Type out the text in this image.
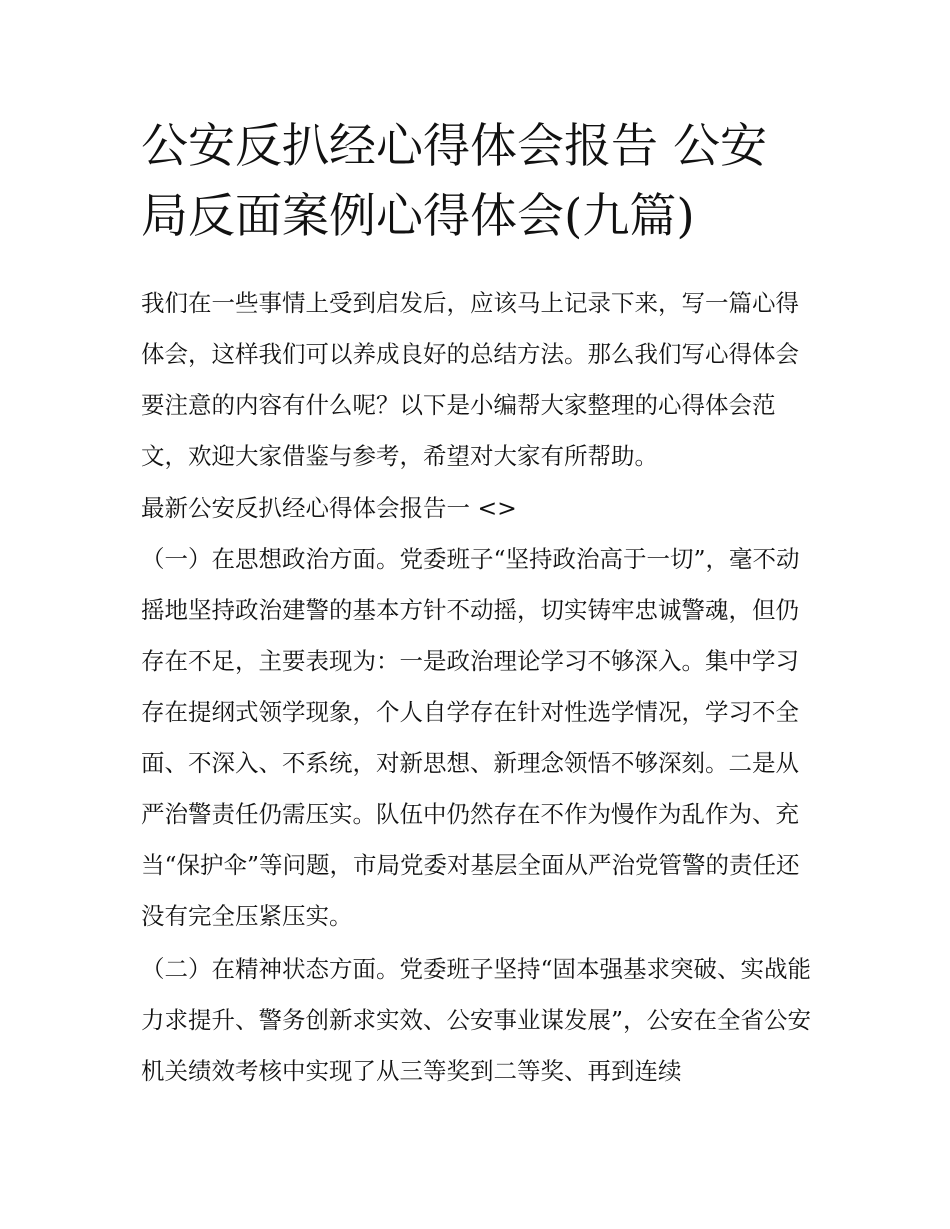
公安反扒经心得体会报告 公安局反面案例心得体会(九篇)

我们在一些事情上受到启发后，应该马上记录下来，写一篇心得体会，这样我们可以养成良好的总结方法。那么我们写心得体会要注意的内容有什么呢？以下是小编帮大家整理的心得体会范文，欢迎大家借鉴与参考，希望对大家有所帮助。

最新公安反扒经心得体会报告一 <>

（一）在思想政治方面。党委班子“坚持政治高于一切”，毫不动摇地坚持政治建警的基本方针不动摇，切实铸牢忠诚警魂，但仍存在不足，主要表现为：一是政治理论学习不够深入。集中学习存在提纲式领学现象，个人自学存在针对性选学情况，学习不全面、不深入、不系统，对新思想、新理念领悟不够深刻。二是从严治警责任仍需压实。队伍中仍然存在不作为慢作为乱作为、充当“保护伞”等问题，市局党委对基层全面从严治党管警的责任还没有完全压紧压实。

（二）在精神状态方面。党委班子坚持“固本强基求突破、实战能力求提升、警务创新求实效、公安事业谋发展”，公安在全省公安机关绩效考核中实现了从三等奖到二等奖、再到连续
